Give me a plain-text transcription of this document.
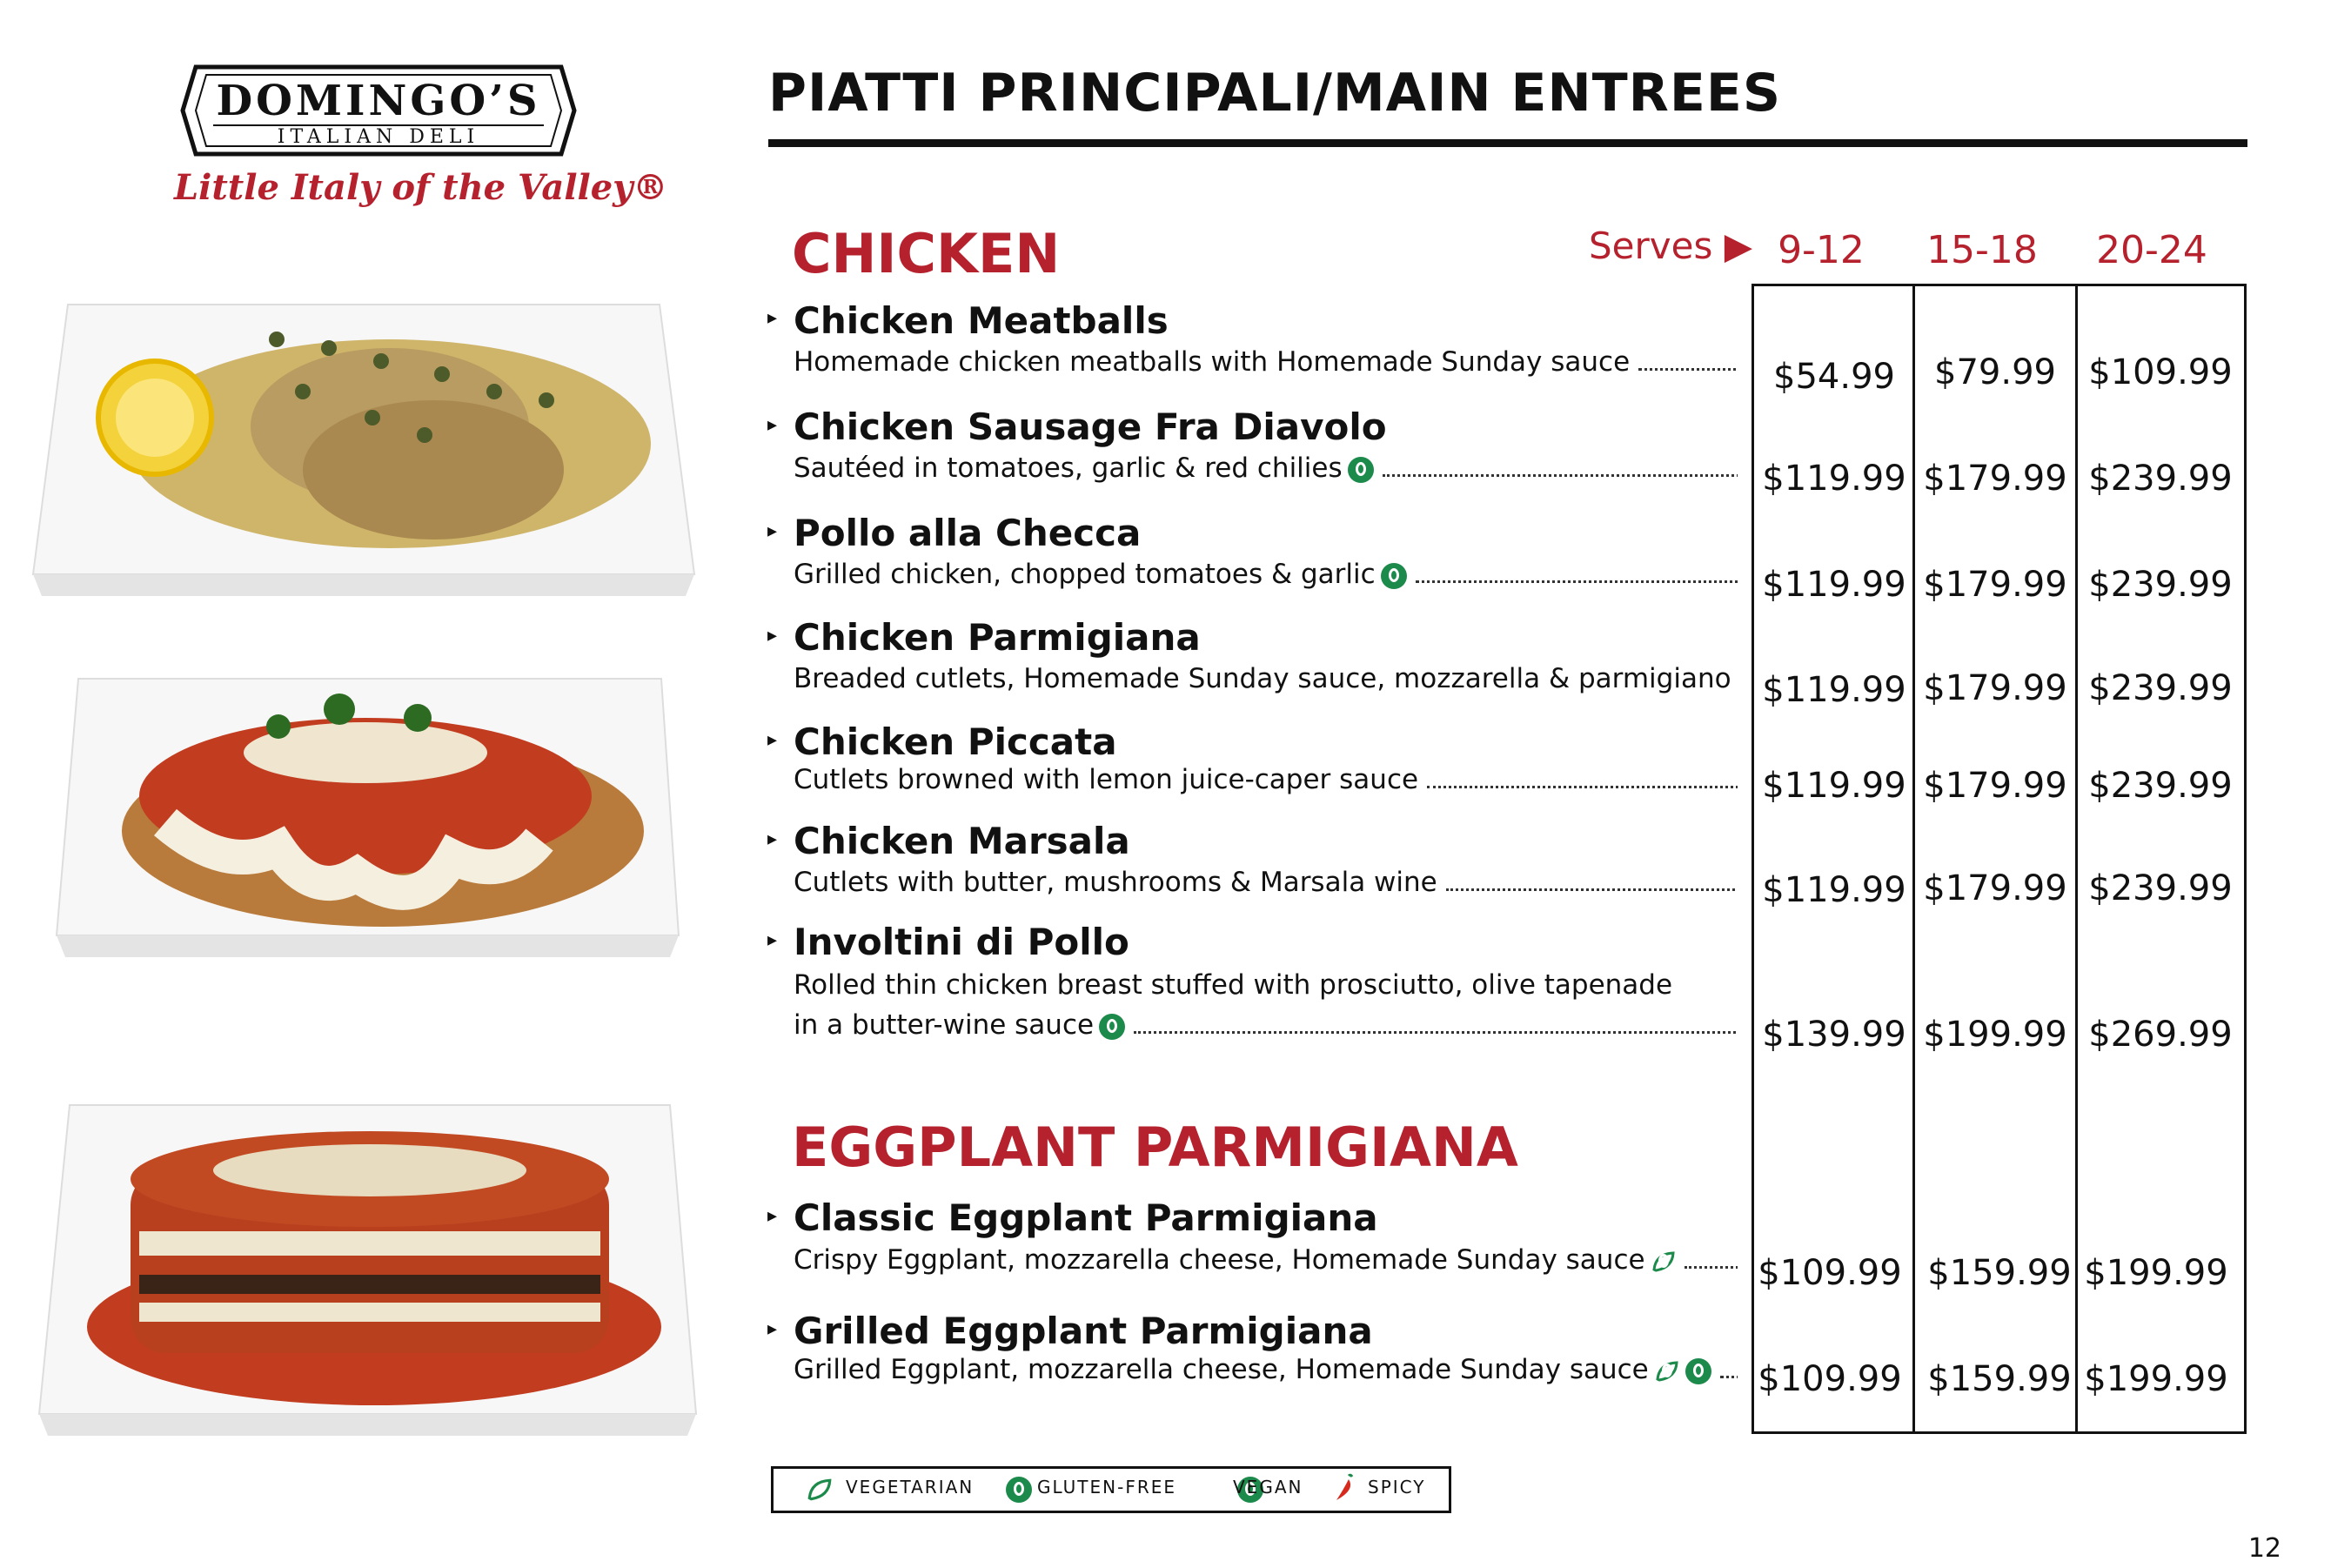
DOMINGO’S
ITALIAN DELI
Little Italy of the Valley®
PIATTI PRINCIPALI/MAIN ENTREES
CHICKEN	Serves ▶ 9-12	15-18	20-24
EGGPLANT PARMIGIANA
▸ Chicken Meatballs
Homemade chicken meatballs with Homemade Sunday sauce	$54.99	$79.99 $109.99
▸ Chicken Sausage Fra Diavolo
Sautéed in tomatoes, garlic & red chilies	$119.99 $179.99 $239.99
▸ Pollo alla Checca
Grilled chicken, chopped tomatoes & garlic	$119.99 $179.99 $239.99
▸ Chicken Parmigiana
Breaded cutlets, Homemade Sunday sauce, mozzarella & parmigiano $119.99 $179.99 $239.99
▸ Chicken Piccata
Cutlets browned with lemon juice-caper sauce	$119.99 $179.99 $239.99
▸ Chicken Marsala
Cutlets with butter, mushrooms & Marsala wine	$119.99 $179.99 $239.99
▸ Involtini di Pollo
Rolled thin chicken breast stuffed with prosciutto, olive tapenade
in a butter-wine sauce	$139.99 $199.99 $269.99
▸ Classic Eggplant Parmigiana
Crispy Eggplant, mozzarella cheese, Homemade Sunday sauce	$109.99 $159.99 $199.99
▸ Grilled Eggplant Parmigiana
Grilled Eggplant, mozzarella cheese, Homemade Sunday sauce	$109.99 $159.99 $199.99
VEGETARIAN
	GLUTEN-FREE	VEGAN	SPICY
12
